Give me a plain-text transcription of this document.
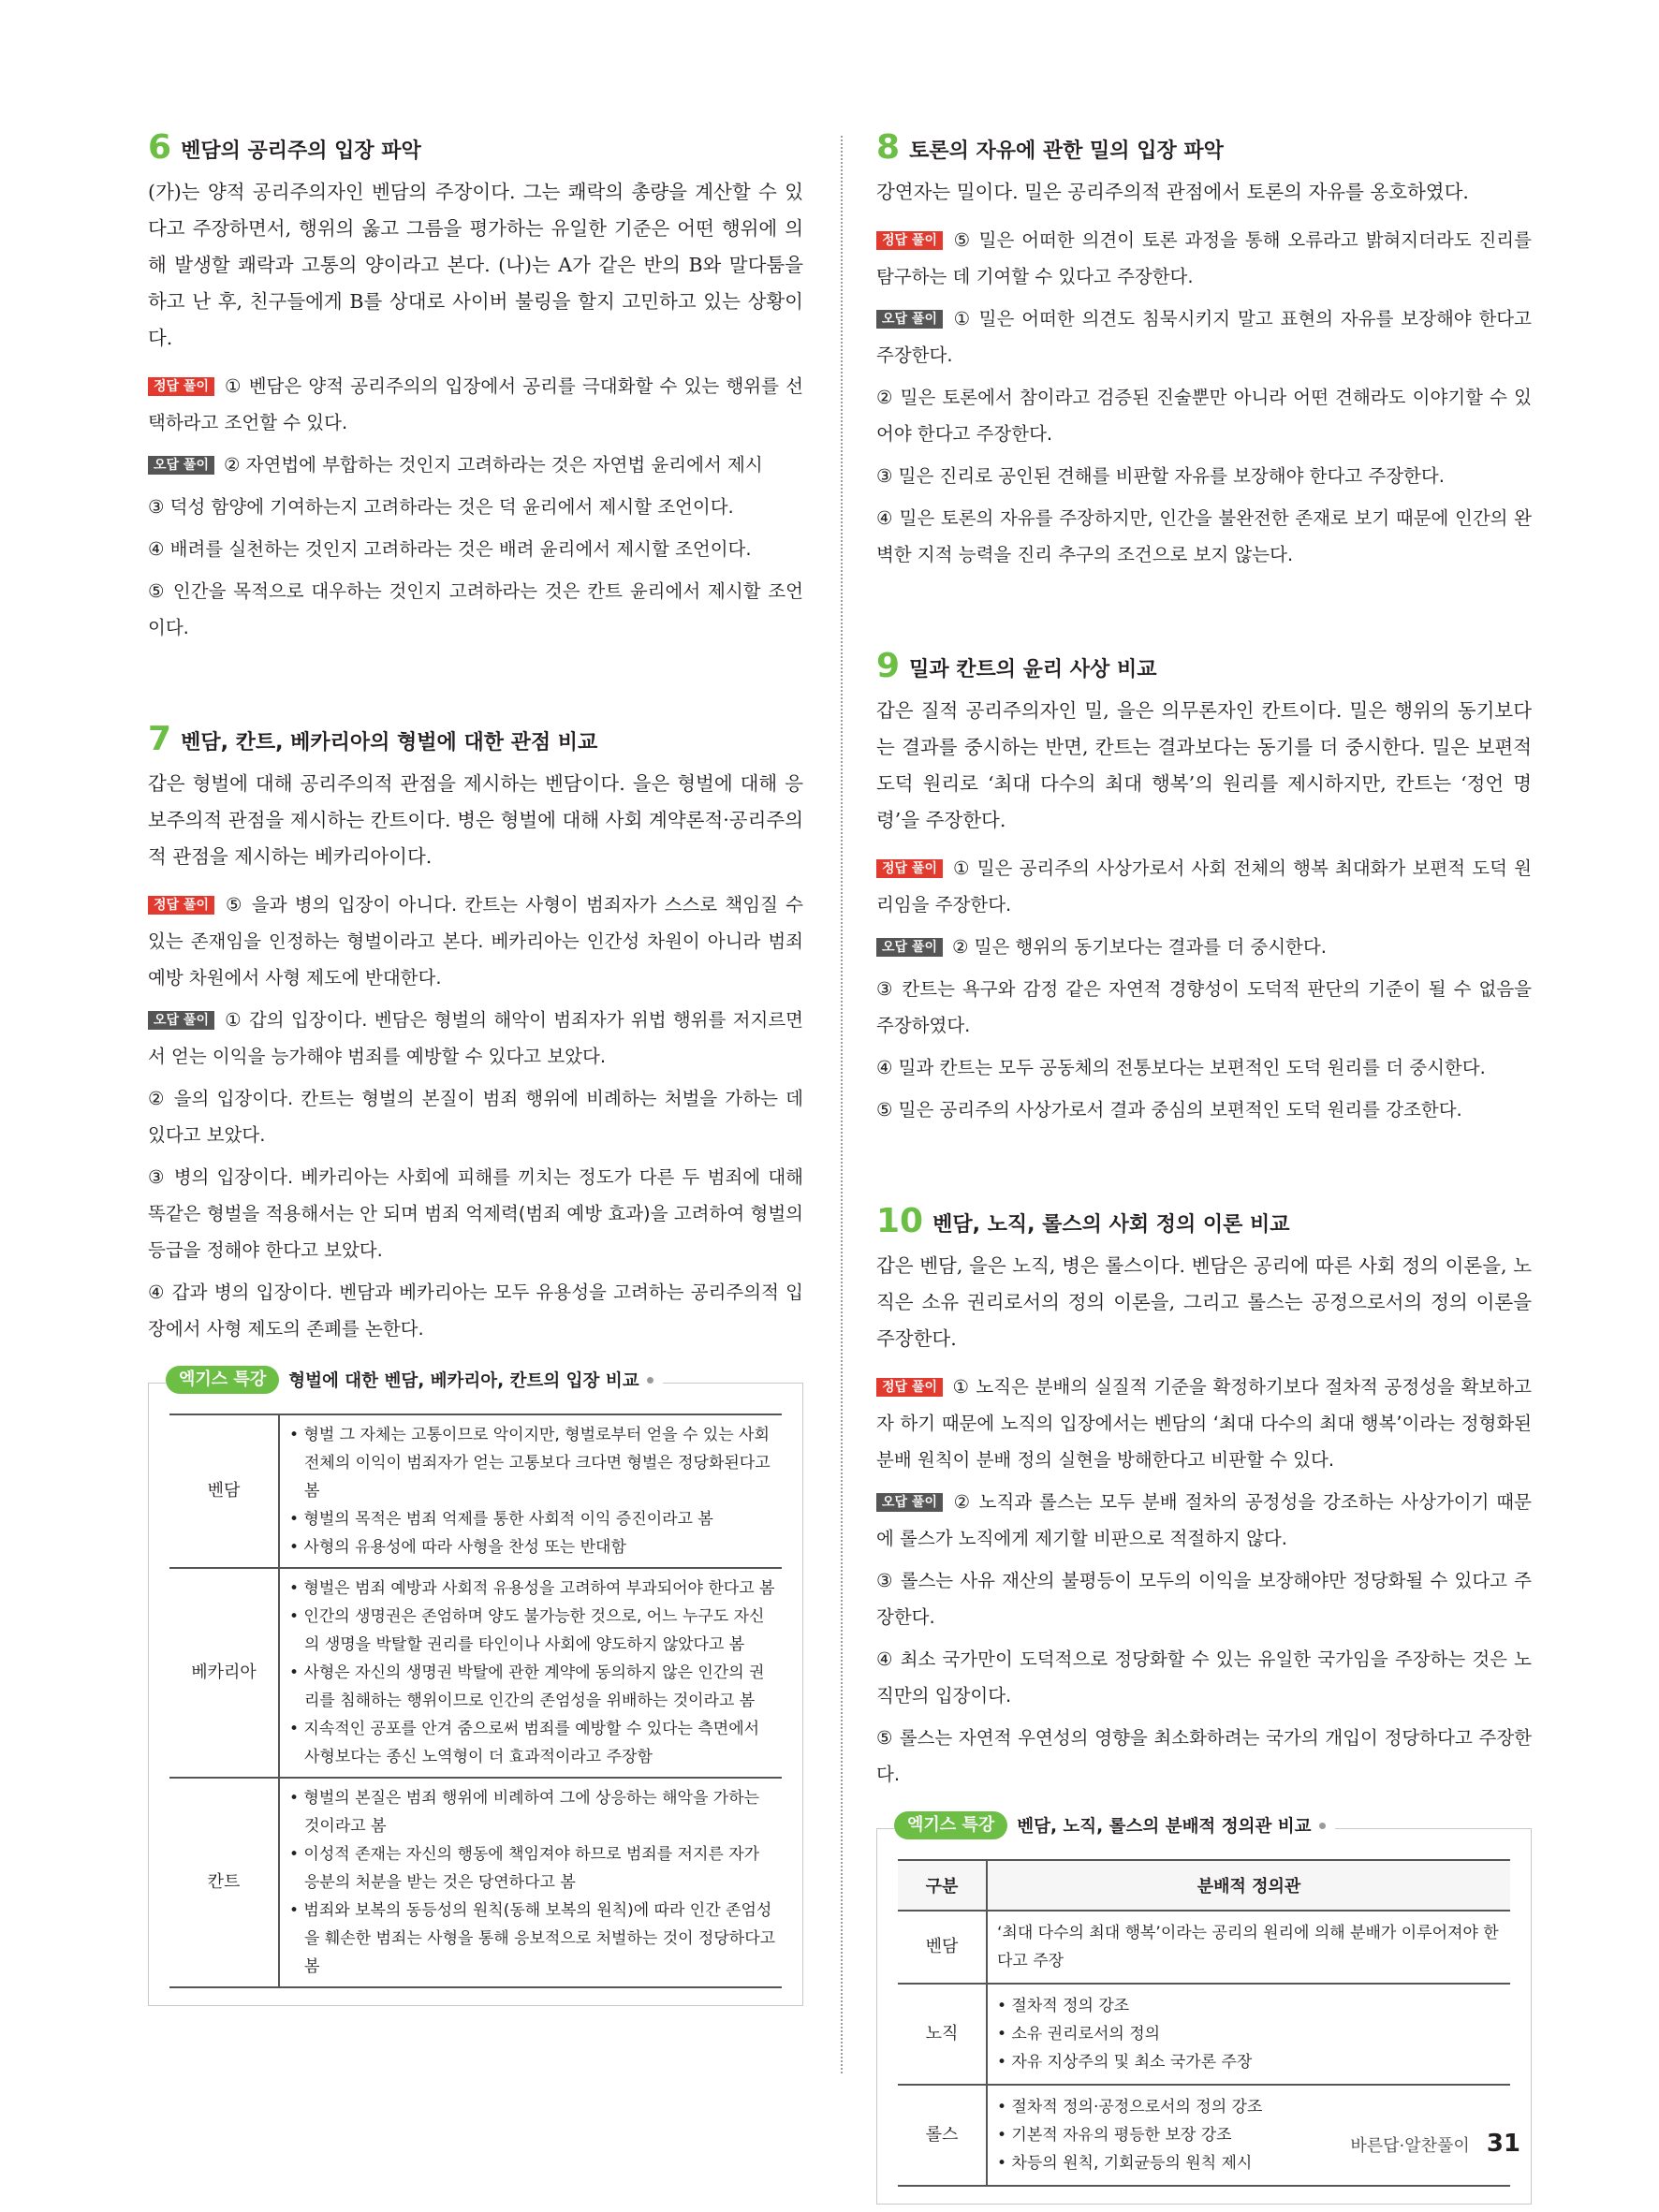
6 벤담의 공리주의 입장 파악

(가)는 양적 공리주의자인 벤담의 주장이다. 그는 쾌락의 총량을 계산할 수 있다고 주장하면서, 행위의 옳고 그름을 평가하는 유일한 기준은 어떤 행위에 의해 발생할 쾌락과 고통의 양이라고 본다. (나)는 A가 같은 반의 B와 말다툼을 하고 난 후, 친구들에게 B를 상대로 사이버 불링을 할지 고민하고 있는 상황이다.

정답 풀이 ① 벤담은 양적 공리주의의 입장에서 공리를 극대화할 수 있는 행위를 선택하라고 조언할 수 있다.

오답 풀이 ② 자연법에 부합하는 것인지 고려하라는 것은 자연법 윤리에서 제시

③ 덕성 함양에 기여하는지 고려하라는 것은 덕 윤리에서 제시할 조언이다.

④ 배려를 실천하는 것인지 고려하라는 것은 배려 윤리에서 제시할 조언이다.

⑤ 인간을 목적으로 대우하는 것인지 고려하라는 것은 칸트 윤리에서 제시할 조언이다.

7 벤담, 칸트, 베카리아의 형벌에 대한 관점 비교

갑은 형벌에 대해 공리주의적 관점을 제시하는 벤담이다. 을은 형벌에 대해 응보주의적 관점을 제시하는 칸트이다. 병은 형벌에 대해 사회 계약론적·공리주의적 관점을 제시하는 베카리아이다.

정답 풀이 ⑤ 을과 병의 입장이 아니다. 칸트는 사형이 범죄자가 스스로 책임질 수 있는 존재임을 인정하는 형벌이라고 본다. 베카리아는 인간성 차원이 아니라 범죄 예방 차원에서 사형 제도에 반대한다.

오답 풀이 ① 갑의 입장이다. 벤담은 형벌의 해악이 범죄자가 위법 행위를 저지르면서 얻는 이익을 능가해야 범죄를 예방할 수 있다고 보았다.

② 을의 입장이다. 칸트는 형벌의 본질이 범죄 행위에 비례하는 처벌을 가하는 데 있다고 보았다.

③ 병의 입장이다. 베카리아는 사회에 피해를 끼치는 정도가 다른 두 범죄에 대해 똑같은 형벌을 적용해서는 안 되며 범죄 억제력(범죄 예방 효과)을 고려하여 형벌의 등급을 정해야 한다고 보았다.

④ 갑과 병의 입장이다. 벤담과 베카리아는 모두 유용성을 고려하는 공리주의적 입장에서 사형 제도의 존폐를 논한다.

엑기스 특강	형벌에 대한 벤담, 베카리아, 칸트의 입장 비교
벤담	• 형벌 그 자체는 고통이므로 악이지만, 형벌로부터 얻을 수 있는 사회 전체의 이익이 범죄자가 얻는 고통보다 크다면 형벌은 정당화된다고 봄
• 형벌의 목적은 범죄 억제를 통한 사회적 이익 증진이라고 봄
• 사형의 유용성에 따라 사형을 찬성 또는 반대함

베카리아	• 형벌은 범죄 예방과 사회적 유용성을 고려하여 부과되어야 한다고 봄
• 인간의 생명권은 존엄하며 양도 불가능한 것으로, 어느 누구도 자신의 생명을 박탈할 권리를 타인이나 사회에 양도하지 않았다고 봄
• 사형은 자신의 생명권 박탈에 관한 계약에 동의하지 않은 인간의 권리를 침해하는 행위이므로 인간의 존엄성을 위배하는 것이라고 봄
• 지속적인 공포를 안겨 줌으로써 범죄를 예방할 수 있다는 측면에서 사형보다는 종신 노역형이 더 효과적이라고 주장함

칸트	• 형벌의 본질은 범죄 행위에 비례하여 그에 상응하는 해악을 가하는 것이라고 봄
• 이성적 존재는 자신의 행동에 책임져야 하므로 범죄를 저지른 자가 응분의 처분을 받는 것은 당연하다고 봄
• 범죄와 보복의 동등성의 원칙(동해 보복의 원칙)에 따라 인간 존엄성을 훼손한 범죄는 사형을 통해 응보적으로 처벌하는 것이 정당하다고 봄
8 토론의 자유에 관한 밀의 입장 파악

강연자는 밀이다. 밀은 공리주의적 관점에서 토론의 자유를 옹호하였다.

정답 풀이 ⑤ 밀은 어떠한 의견이 토론 과정을 통해 오류라고 밝혀지더라도 진리를 탐구하는 데 기여할 수 있다고 주장한다.

오답 풀이 ① 밀은 어떠한 의견도 침묵시키지 말고 표현의 자유를 보장해야 한다고 주장한다.

② 밀은 토론에서 참이라고 검증된 진술뿐만 아니라 어떤 견해라도 이야기할 수 있어야 한다고 주장한다.

③ 밀은 진리로 공인된 견해를 비판할 자유를 보장해야 한다고 주장한다.

④ 밀은 토론의 자유를 주장하지만, 인간을 불완전한 존재로 보기 때문에 인간의 완벽한 지적 능력을 진리 추구의 조건으로 보지 않는다.

9 밀과 칸트의 윤리 사상 비교

갑은 질적 공리주의자인 밀, 을은 의무론자인 칸트이다. 밀은 행위의 동기보다는 결과를 중시하는 반면, 칸트는 결과보다는 동기를 더 중시한다. 밀은 보편적 도덕 원리로 ‘최대 다수의 최대 행복’의 원리를 제시하지만, 칸트는 ‘정언 명령’을 주장한다.

정답 풀이 ① 밀은 공리주의 사상가로서 사회 전체의 행복 최대화가 보편적 도덕 원리임을 주장한다.

오답 풀이 ② 밀은 행위의 동기보다는 결과를 더 중시한다.

③ 칸트는 욕구와 감정 같은 자연적 경향성이 도덕적 판단의 기준이 될 수 없음을 주장하였다.

④ 밀과 칸트는 모두 공동체의 전통보다는 보편적인 도덕 원리를 더 중시한다.

⑤ 밀은 공리주의 사상가로서 결과 중심의 보편적인 도덕 원리를 강조한다.

10 벤담, 노직, 롤스의 사회 정의 이론 비교

갑은 벤담, 을은 노직, 병은 롤스이다. 벤담은 공리에 따른 사회 정의 이론을, 노직은 소유 권리로서의 정의 이론을, 그리고 롤스는 공정으로서의 정의 이론을 주장한다.

정답 풀이 ① 노직은 분배의 실질적 기준을 확정하기보다 절차적 공정성을 확보하고자 하기 때문에 노직의 입장에서는 벤담의 ‘최대 다수의 최대 행복’이라는 정형화된 분배 원칙이 분배 정의 실현을 방해한다고 비판할 수 있다.

오답 풀이 ② 노직과 롤스는 모두 분배 절차의 공정성을 강조하는 사상가이기 때문에 롤스가 노직에게 제기할 비판으로 적절하지 않다.

③ 롤스는 사유 재산의 불평등이 모두의 이익을 보장해야만 정당화될 수 있다고 주장한다.

④ 최소 국가만이 도덕적으로 정당화할 수 있는 유일한 국가임을 주장하는 것은 노직만의 입장이다.

⑤ 롤스는 자연적 우연성의 영향을 최소화하려는 국가의 개입이 정당하다고 주장한다.

엑기스 특강	벤담, 노직, 롤스의 분배적 정의관 비교
구분	분배적 정의관
벤담	‘최대 다수의 최대 행복’이라는 공리의 원리에 의해 분배가 이루어져야 한다고 주장
노직	• 절차적 정의 강조
• 소유 권리로서의 정의
• 자유 지상주의 및 최소 국가론 주장

롤스	• 절차적 정의·공정으로서의 정의 강조
• 기본적 자유의 평등한 보장 강조
• 차등의 원칙, 기회균등의 원칙 제시
바른답·알찬풀이 31
